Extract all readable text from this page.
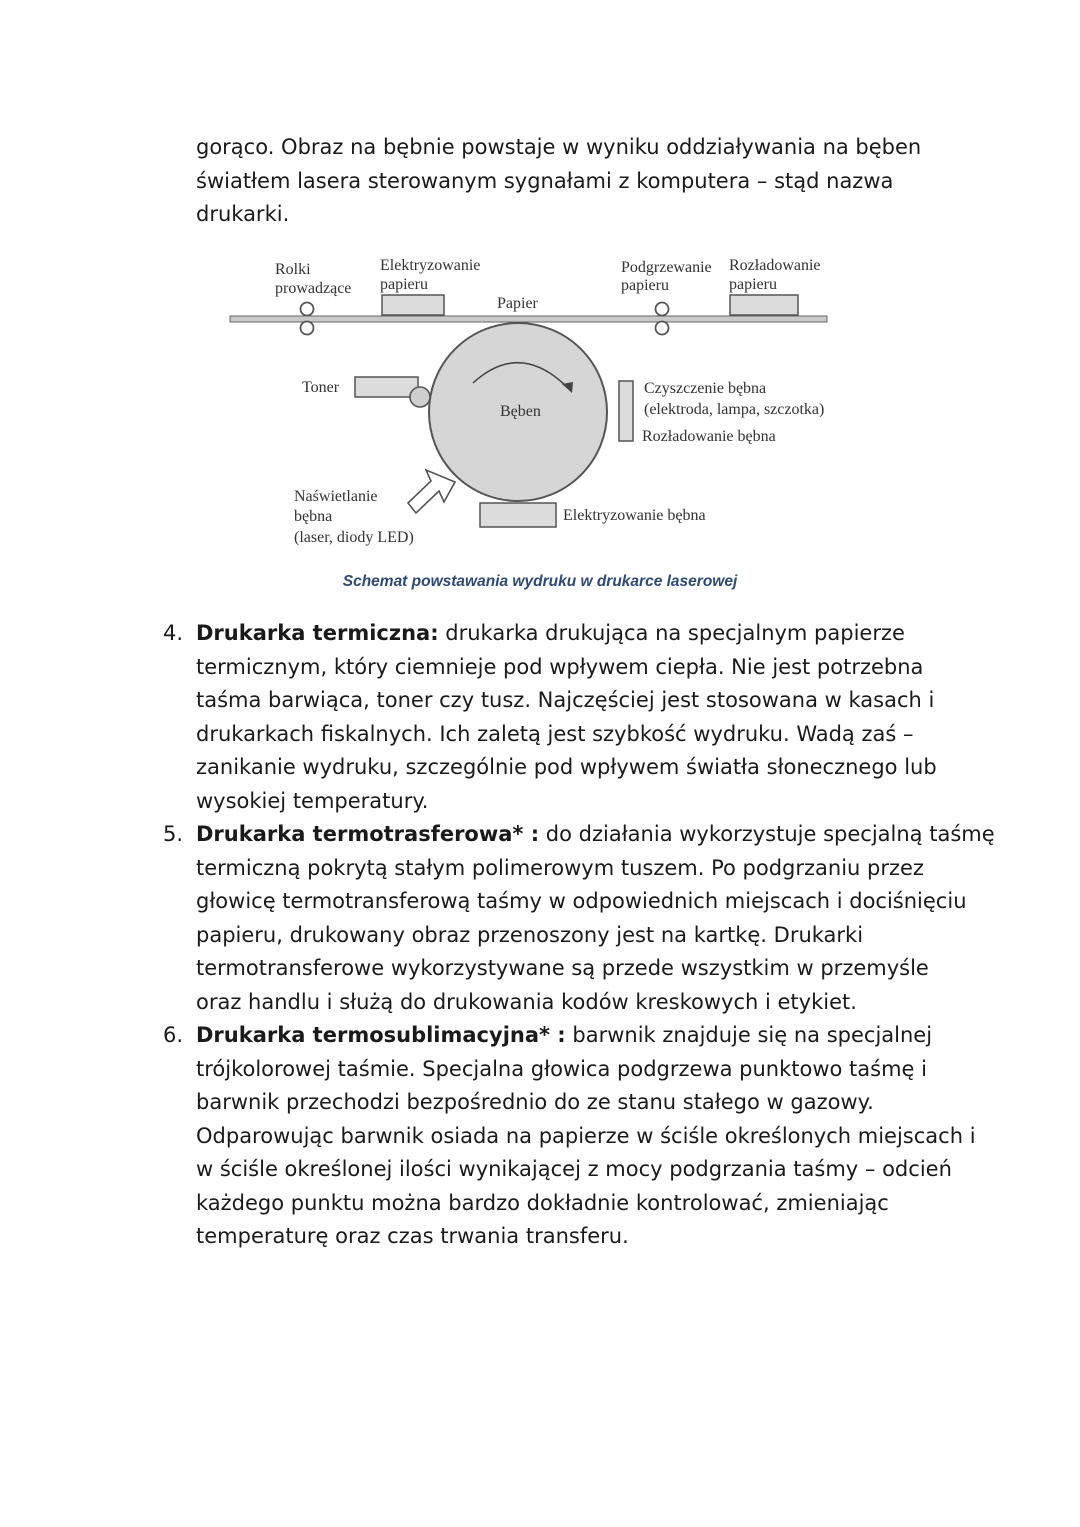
gorąco. Obraz na bębnie powstaje w wyniku oddziaływania na bęben
światłem lasera sterowanym sygnałami z komputera – stąd nazwa
drukarki.
Rolki
prowadzące
Elektryzowanie
papieru
Papier
Podgrzewanie
papieru
Rozładowanie
papieru
Toner
Bęben
Czyszczenie bębna
(elektroda, lampa, szczotka)
Rozładowanie bębna
Naświetlanie
bębna
(laser, diody LED)
Elektryzowanie bębna
Schemat powstawania wydruku w drukarce laserowej
4. Drukarka termiczna: drukarka drukująca na specjalnym papierze
termicznym, który ciemnieje pod wpływem ciepła. Nie jest potrzebna
taśma barwiąca, toner czy tusz. Najczęściej jest stosowana w kasach i
drukarkach fiskalnych. Ich zaletą jest szybkość wydruku. Wadą zaś –
zanikanie wydruku, szczególnie pod wpływem światła słonecznego lub
wysokiej temperatury.
5. Drukarka termotrasferowa* : do działania wykorzystuje specjalną taśmę
termiczną pokrytą stałym polimerowym tuszem. Po podgrzaniu przez
głowicę termotransferową taśmy w odpowiednich miejscach i dociśnięciu
papieru, drukowany obraz przenoszony jest na kartkę. Drukarki
termotransferowe wykorzystywane są przede wszystkim w przemyśle
oraz handlu i służą do drukowania kodów kreskowych i etykiet.
6. Drukarka termosublimacyjna* : barwnik znajduje się na specjalnej
trójkolorowej taśmie. Specjalna głowica podgrzewa punktowo taśmę i
barwnik przechodzi bezpośrednio do ze stanu stałego w gazowy.
Odparowując barwnik osiada na papierze w ściśle określonych miejscach i
w ściśle określonej ilości wynikającej z mocy podgrzania taśmy – odcień
każdego punktu można bardzo dokładnie kontrolować, zmieniając
temperaturę oraz czas trwania transferu.
